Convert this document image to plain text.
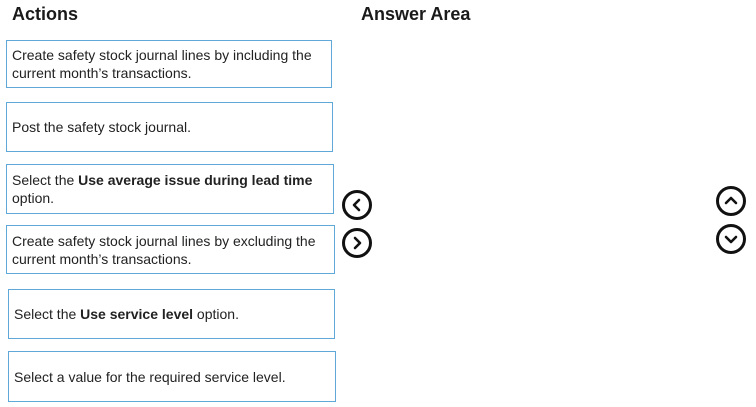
Actions	Answer Area
Create safety stock journal lines by including the current month’s transactions.
Post the safety stock journal.
Select the Use average issue during lead time option.
Create safety stock journal lines by excluding the current month’s transactions.
Select the Use service level option.
Select a value for the required service level.
